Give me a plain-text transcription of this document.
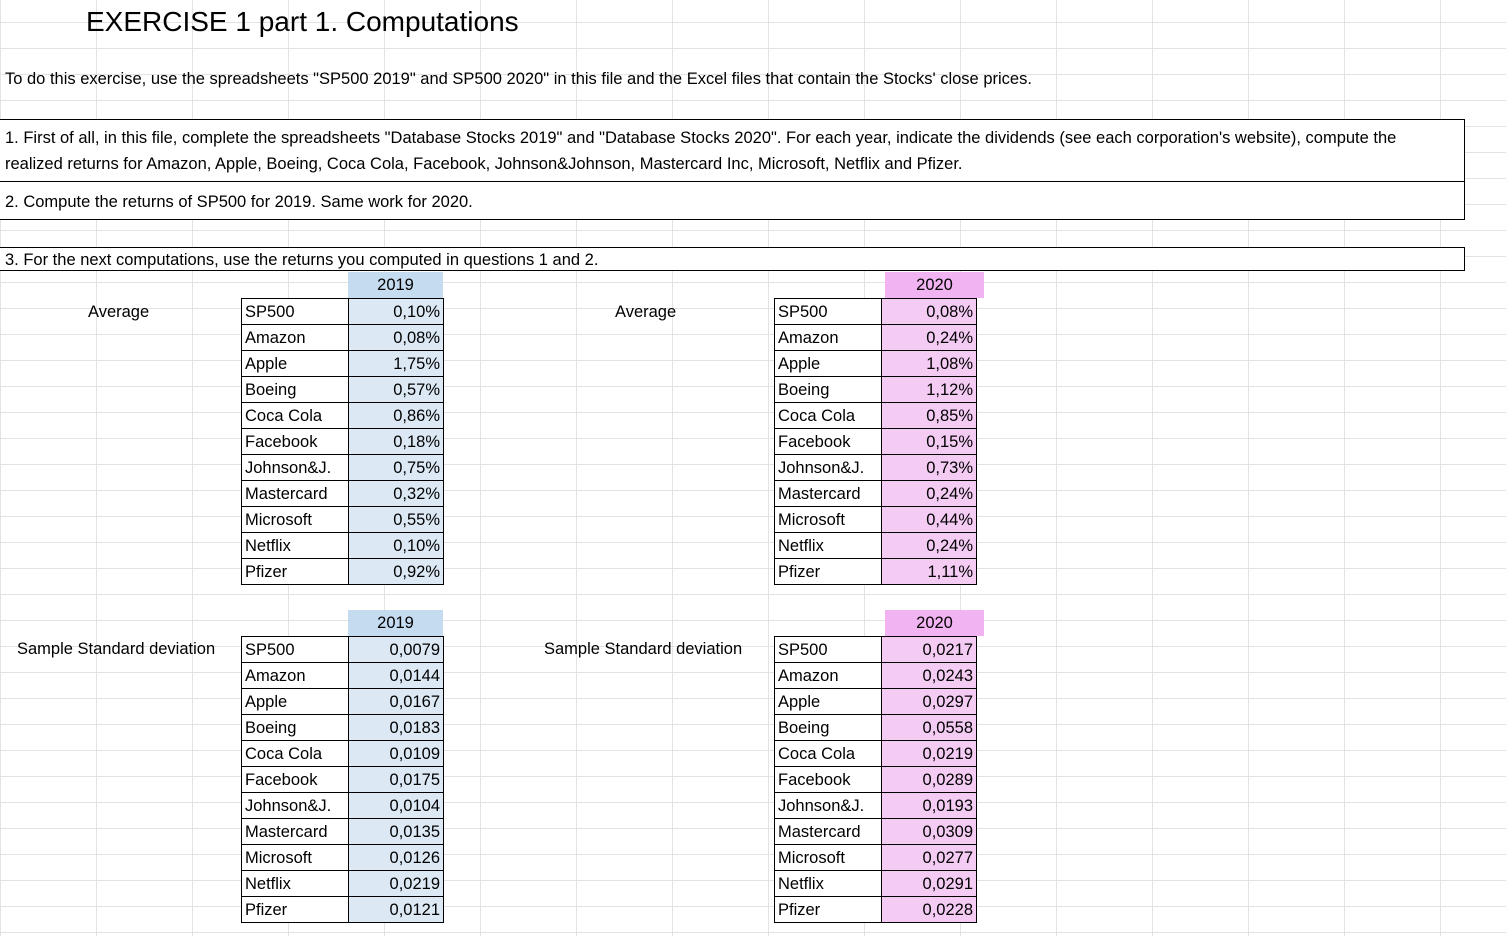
EXERCISE 1 part 1. Computations
To do this exercise, use the spreadsheets "SP500 2019" and SP500 2020" in this file and the Excel files that contain the Stocks' close prices.
1. First of all, in this file, complete the spreadsheets "Database Stocks 2019" and "Database Stocks 2020". For each year, indicate the dividends (see each corporation's website), compute the realized returns for Amazon, Apple, Boeing, Coca Cola, Facebook, Johnson&Johnson, Mastercard Inc, Microsoft, Netflix and Pfizer.
2. Compute the returns of SP500 for 2019. Same work for 2020.
3. For the next computations, use the returns you computed in questions 1 and 2.
Average
2019
SP500	0,10%
Amazon	0,08%
Apple	1,75%
Boeing	0,57%
Coca Cola	0,86%
Facebook	0,18%
Johnson&J.	0,75%
Mastercard	0,32%
Microsoft	0,55%
Netflix	0,10%
Pfizer	0,92%
Average
2020
SP500	0,08%
Amazon	0,24%
Apple	1,08%
Boeing	1,12%
Coca Cola	0,85%
Facebook	0,15%
Johnson&J.	0,73%
Mastercard	0,24%
Microsoft	0,44%
Netflix	0,24%
Pfizer	1,11%
Sample Standard deviation
2019
SP500	0,0079
Amazon	0,0144
Apple	0,0167
Boeing	0,0183
Coca Cola	0,0109
Facebook	0,0175
Johnson&J.	0,0104
Mastercard	0,0135
Microsoft	0,0126
Netflix	0,0219
Pfizer	0,0121
Sample Standard deviation
2020
SP500	0,0217
Amazon	0,0243
Apple	0,0297
Boeing	0,0558
Coca Cola	0,0219
Facebook	0,0289
Johnson&J.	0,0193
Mastercard	0,0309
Microsoft	0,0277
Netflix	0,0291
Pfizer	0,0228
